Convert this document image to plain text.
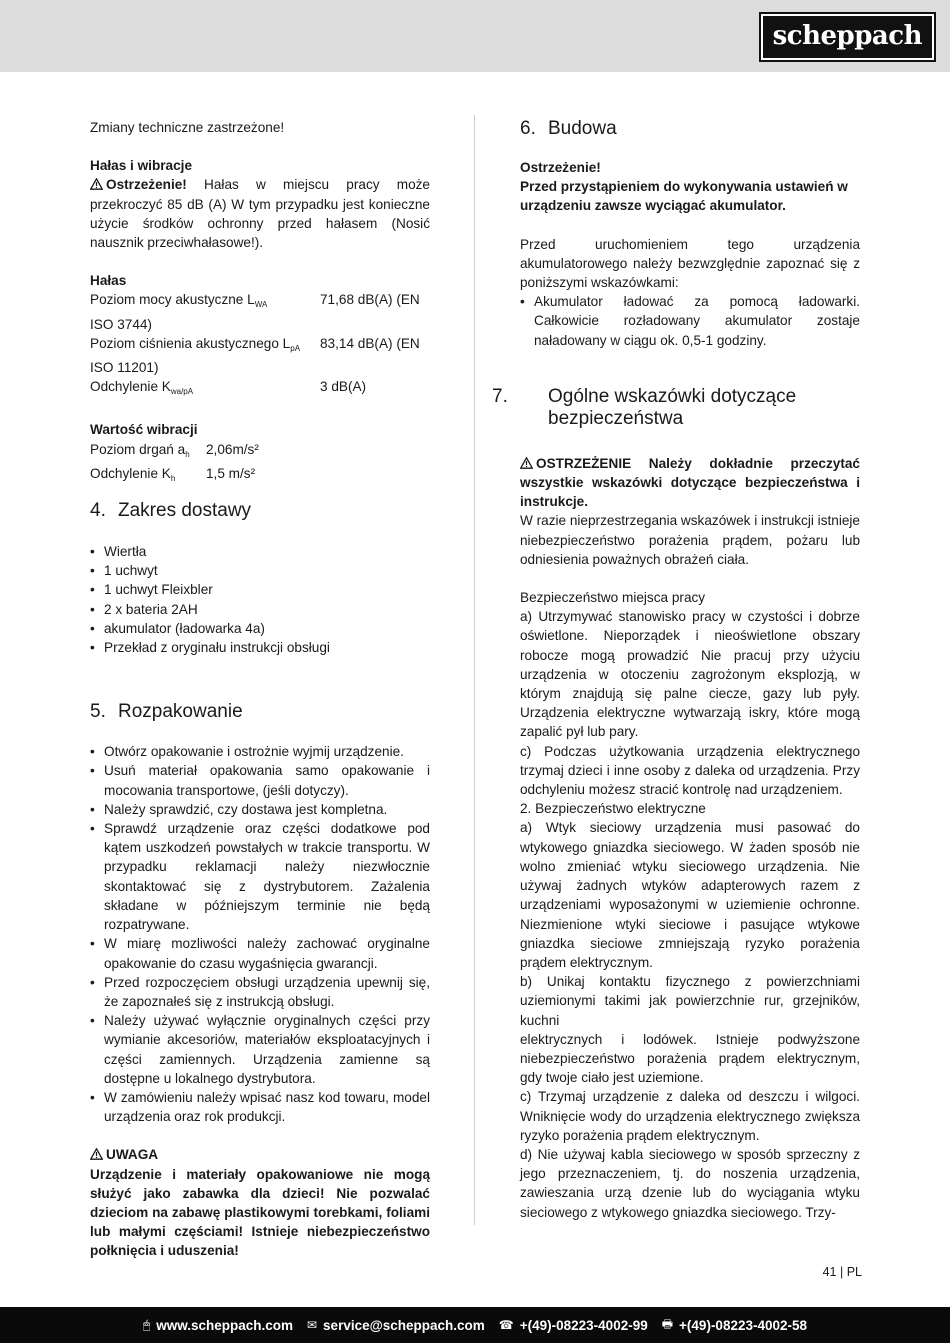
scheppach

Zmiany techniczne zastrzeżone!

Hałas i wibracje

Ostrzeżenie! Hałas w miejscu pracy może przekroczyć 85 dB (A) W tym przypadku jest konieczne użycie środków ochronny przed hałasem (Nosić nausznik przeciwhałasowe!).

Hałas

Poziom mocy akustyczne $L_{WA}$	71,68 dB(A) (EN

ISO 3744)

Poziom ciśnienia akustycznego $L_{pA}$	83,14 dB(A) (EN

ISO 11201)

Odchylenie $K_{wa/pA}$	3 dB(A)

Wartość wibracji

Poziom drgań $a_h$	2,06m/s²
Odchylenie $K_h$	1,5 m/s²
4. Zakres dostawy
• Wiertła
• 1 uchwyt
• 1 uchwyt Fleixbler
• 2 x bateria 2AH
• akumulator (ładowarka 4a)
• Przekład z oryginału instrukcji obsługi
5. Rozpakowanie
• Otwórz opakowanie i ostrożnie wyjmij urządzenie.
• Usuń materiał opakowania samo opakowanie i mocowania transportowe, (jeśli dotyczy).
• Należy sprawdzić, czy dostawa jest kompletna.
• Sprawdź urządzenie oraz części dodatkowe pod kątem uszkodzeń powstałych w trakcie transportu. W przypadku reklamacji należy niezwłocznie skontaktować się z dystrybutorem. Zażalenia składane w późniejszym terminie nie będą rozpatrywane.
• W miarę mozliwości należy zachować oryginalne opakowanie do czasu wygaśnięcia gwarancji.
• Przed rozpoczęciem obsługi urządzenia upewnij się, że zapoznałeś się z instrukcją obsługi.
• Należy używać wyłącznie oryginalnych części przy wymianie akcesoriów, materiałów eksploatacyjnych i części zamiennych. Urządzenia zamienne są dostępne u lokalnego dystrybutora.
• W zamówieniu należy wpisać nasz kod towaru, model urządzenia oraz rok produkcji.

UWAGA

Urządzenie i materiały opakowaniowe nie mogą służyć jako zabawka dla dzieci! Nie pozwalać dzieciom na zabawę plastikowymi torebkami, foliami lub małymi częściami! Istnieje niebezpieczeństwo połknięcia i uduszenia!

6. Budowa

Ostrzeżenie!

Przed przystąpieniem do wykonywania ustawień w urządzeniu zawsze wyciągać akumulator.

Przed uruchomieniem tego urządzenia akumulatorowego należy bezwzględnie zapoznać się z poniższymi wskazówkami:

• Akumulator ładować za pomocą ładowarki. Całkowicie rozładowany akumulator zostaje naładowany w ciągu ok. 0,5-1 godziny.
7. Ogólne wskazówki dotyczące bezpieczeństwa

OSTRZEŻENIE Należy dokładnie przeczytać wszystkie wskazówki dotyczące bezpieczeństwa i instrukcje.

W razie nieprzestrzegania wskazówek i instrukcji istnieje niebezpieczeństwo porażenia prądem, pożaru lub odniesienia poważnych obrażeń ciała.

Bezpieczeństwo miejsca pracy

a) Utrzymywać stanowisko pracy w czystości i dobrze oświetlone. Nieporządek i nieoświetlone obszary robocze mogą prowadzić Nie pracuj przy użyciu urządzenia w otoczeniu zagrożonym eksplozją, w którym znajdują się palne ciecze, gazy lub pyły. Urządzenia elektryczne wytwarzają iskry, które mogą zapalić pył lub pary.

c) Podczas użytkowania urządzenia elektrycznego trzymaj dzieci i inne osoby z daleka od urządzenia. Przy odchyleniu możesz stracić kontrolę nad urządzeniem.

2. Bezpieczeństwo elektryczne

a) Wtyk sieciowy urządzenia musi pasować do wtykowego gniazdka sieciowego. W żaden sposób nie wolno zmieniać wtyku sieciowego urządzenia. Nie używaj żadnych wtyków adapterowych razem z urządzeniami wyposażonymi w uziemienie ochronne. Niezmienione wtyki sieciowe i pasujące wtykowe gniazdka sieciowe zmniejszają ryzyko porażenia prądem elektrycznym.

b) Unikaj kontaktu fizycznego z powierzchniami uziemionymi takimi jak powierzchnie rur, grzejników, kuchni

elektrycznych i lodówek. Istnieje podwyższone niebezpieczeństwo porażenia prądem elektrycznym, gdy twoje ciało jest uziemione.

c) Trzymaj urządzenie z daleka od deszczu i wilgoci. Wniknięcie wody do urządzenia elektrycznego zwiększa ryzyko porażenia prądem elektrycznym.

d) Nie używaj kabla sieciowego w sposób sprzeczny z jego przeznaczeniem, tj. do noszenia urządzenia, zawieszania urzą dzenie lub do wyciągania wtyku sieciowego z wtykowego gniazdka sieciowego. Trzy-

41 | PL
🖱 www.scheppach.com ✉ service@scheppach.com ☎ +(49)-08223-4002-99 🖶 +(49)-08223-4002-58
